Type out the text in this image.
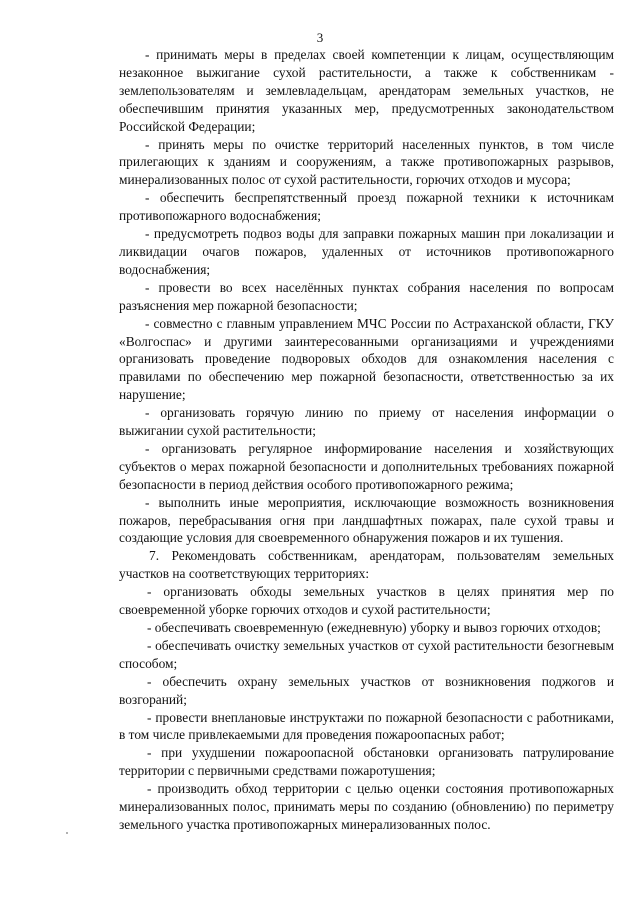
3

- принимать меры в пределах своей компетенции к лицам, осуществляющим незаконное выжигание сухой растительности, а также к собственникам - землепользователям и землевладельцам, арендаторам земельных участков, не обеспечившим принятия указанных мер, предусмотренных законодательством Российской Федерации;

- принять меры по очистке территорий населенных пунктов, в том числе прилегающих к зданиям и сооружениям, а также противопожарных разрывов, минерализованных полос от сухой растительности, горючих отходов и мусора;

- обеспечить беспрепятственный проезд пожарной техники к источникам противопожарного водоснабжения;

- предусмотреть подвоз воды для заправки пожарных машин при локализации и ликвидации очагов пожаров, удаленных от источников противопожарного водоснабжения;

- провести во всех населённых пунктах собрания населения по вопросам разъяснения мер пожарной безопасности;

- совместно с главным управлением МЧС России по Астраханской области, ГКУ «Волгоспас» и другими заинтересованными организациями и учреждениями организовать проведение подворовых обходов для ознакомления населения с правилами по обеспечению мер пожарной безопасности, ответственностью за их нарушение;

- организовать горячую линию по приему от населения информации о выжигании сухой растительности;

- организовать регулярное информирование населения и хозяйствующих субъектов о мерах пожарной безопасности и дополнительных требованиях пожарной безопасности в период действия особого противопожарного режима;

- выполнить иные мероприятия, исключающие возможность возникновения пожаров, перебрасывания огня при ландшафтных пожарах, пале сухой травы и создающие условия для своевременного обнаружения пожаров и их тушения.

7. Рекомендовать собственникам, арендаторам, пользователям земельных участков на соответствующих территориях:

- организовать обходы земельных участков в целях принятия мер по своевременной уборке горючих отходов и сухой растительности;

- обеспечивать своевременную (ежедневную) уборку и вывоз горючих отходов;

- обеспечивать очистку земельных участков от сухой растительности безогневым способом;

- обеспечить охрану земельных участков от возникновения поджогов и возгораний;

- провести внеплановые инструктажи по пожарной безопасности с работниками, в том числе привлекаемыми для проведения пожароопасных работ;

- при ухудшении пожароопасной обстановки организовать патрулирование территории с первичными средствами пожаротушения;

- производить обход территории с целью оценки состояния противопожарных минерализованных полос, принимать меры по созданию (обновлению) по периметру земельного участка противопожарных минерализованных полос.
